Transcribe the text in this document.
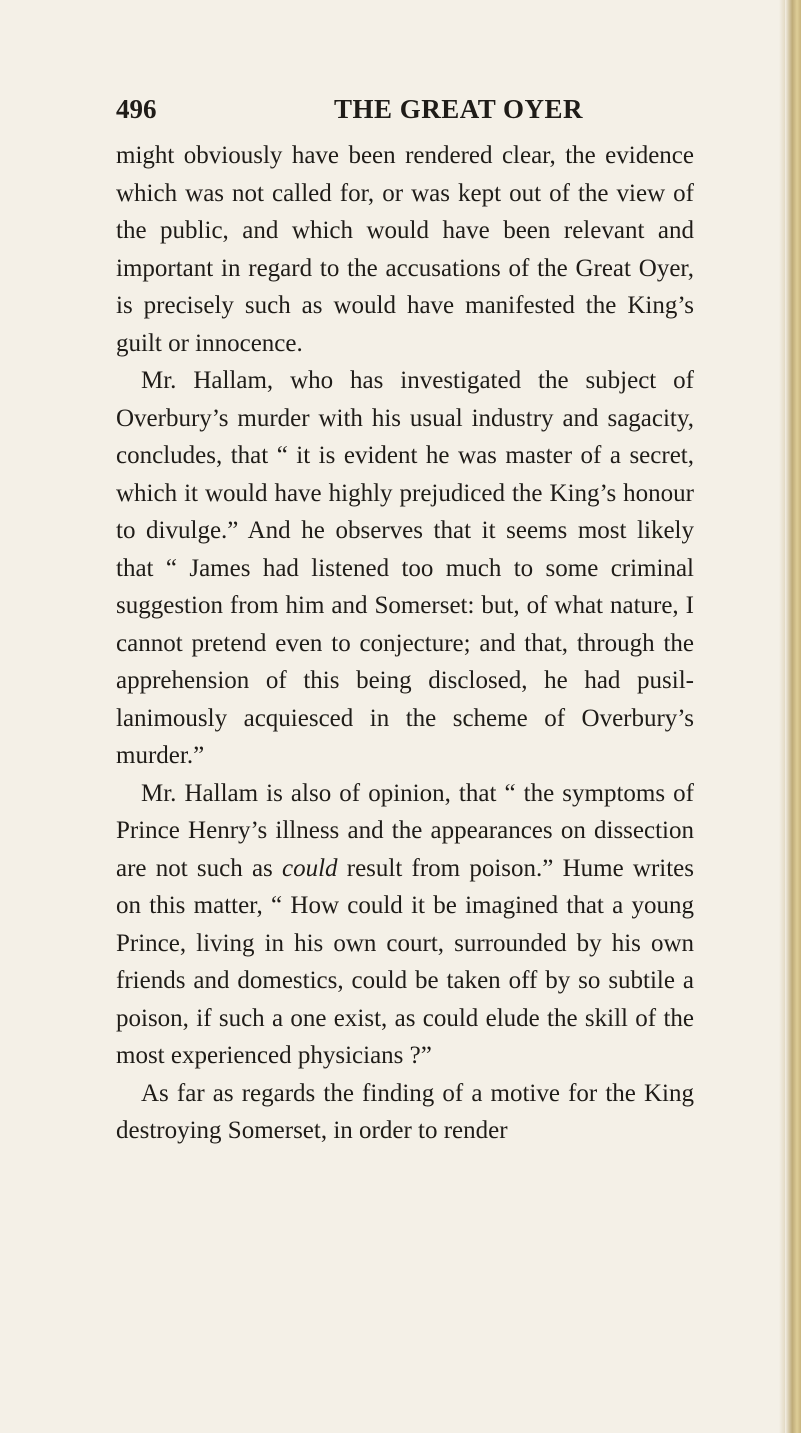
496	THE GREAT OYER

might obviously have been rendered clear, the evidence which was not called for, or was kept out of the view of the public, and which would have been relevant and important in regard to the accusations of the Great Oyer, is precisely such as would have manifested the King’s guilt or innocence.

Mr. Hallam, who has investigated the subject of Overbury’s murder with his usual industry and sagacity, concludes, that “ it is evident he was master of a secret, which it would have highly prejudiced the King’s honour to divulge.” And he observes that it seems most likely that “ James had listened too much to some criminal suggestion from him and Somerset: but, of what nature, I cannot pretend even to conjecture; and that, through the apprehension of this being disclosed, he had pusillanimously acquiesced in the scheme of Overbury’s murder.”

Mr. Hallam is also of opinion, that “ the symptoms of Prince Henry’s illness and the appearances on dissection are not such as could result from poison.” Hume writes on this matter, “ How could it be imagined that a young Prince, living in his own court, surrounded by his own friends and domestics, could be taken off by so subtile a poison, if such a one exist, as could elude the skill of the most experienced physicians ?”

As far as regards the finding of a motive for the King destroying Somerset, in order to render
